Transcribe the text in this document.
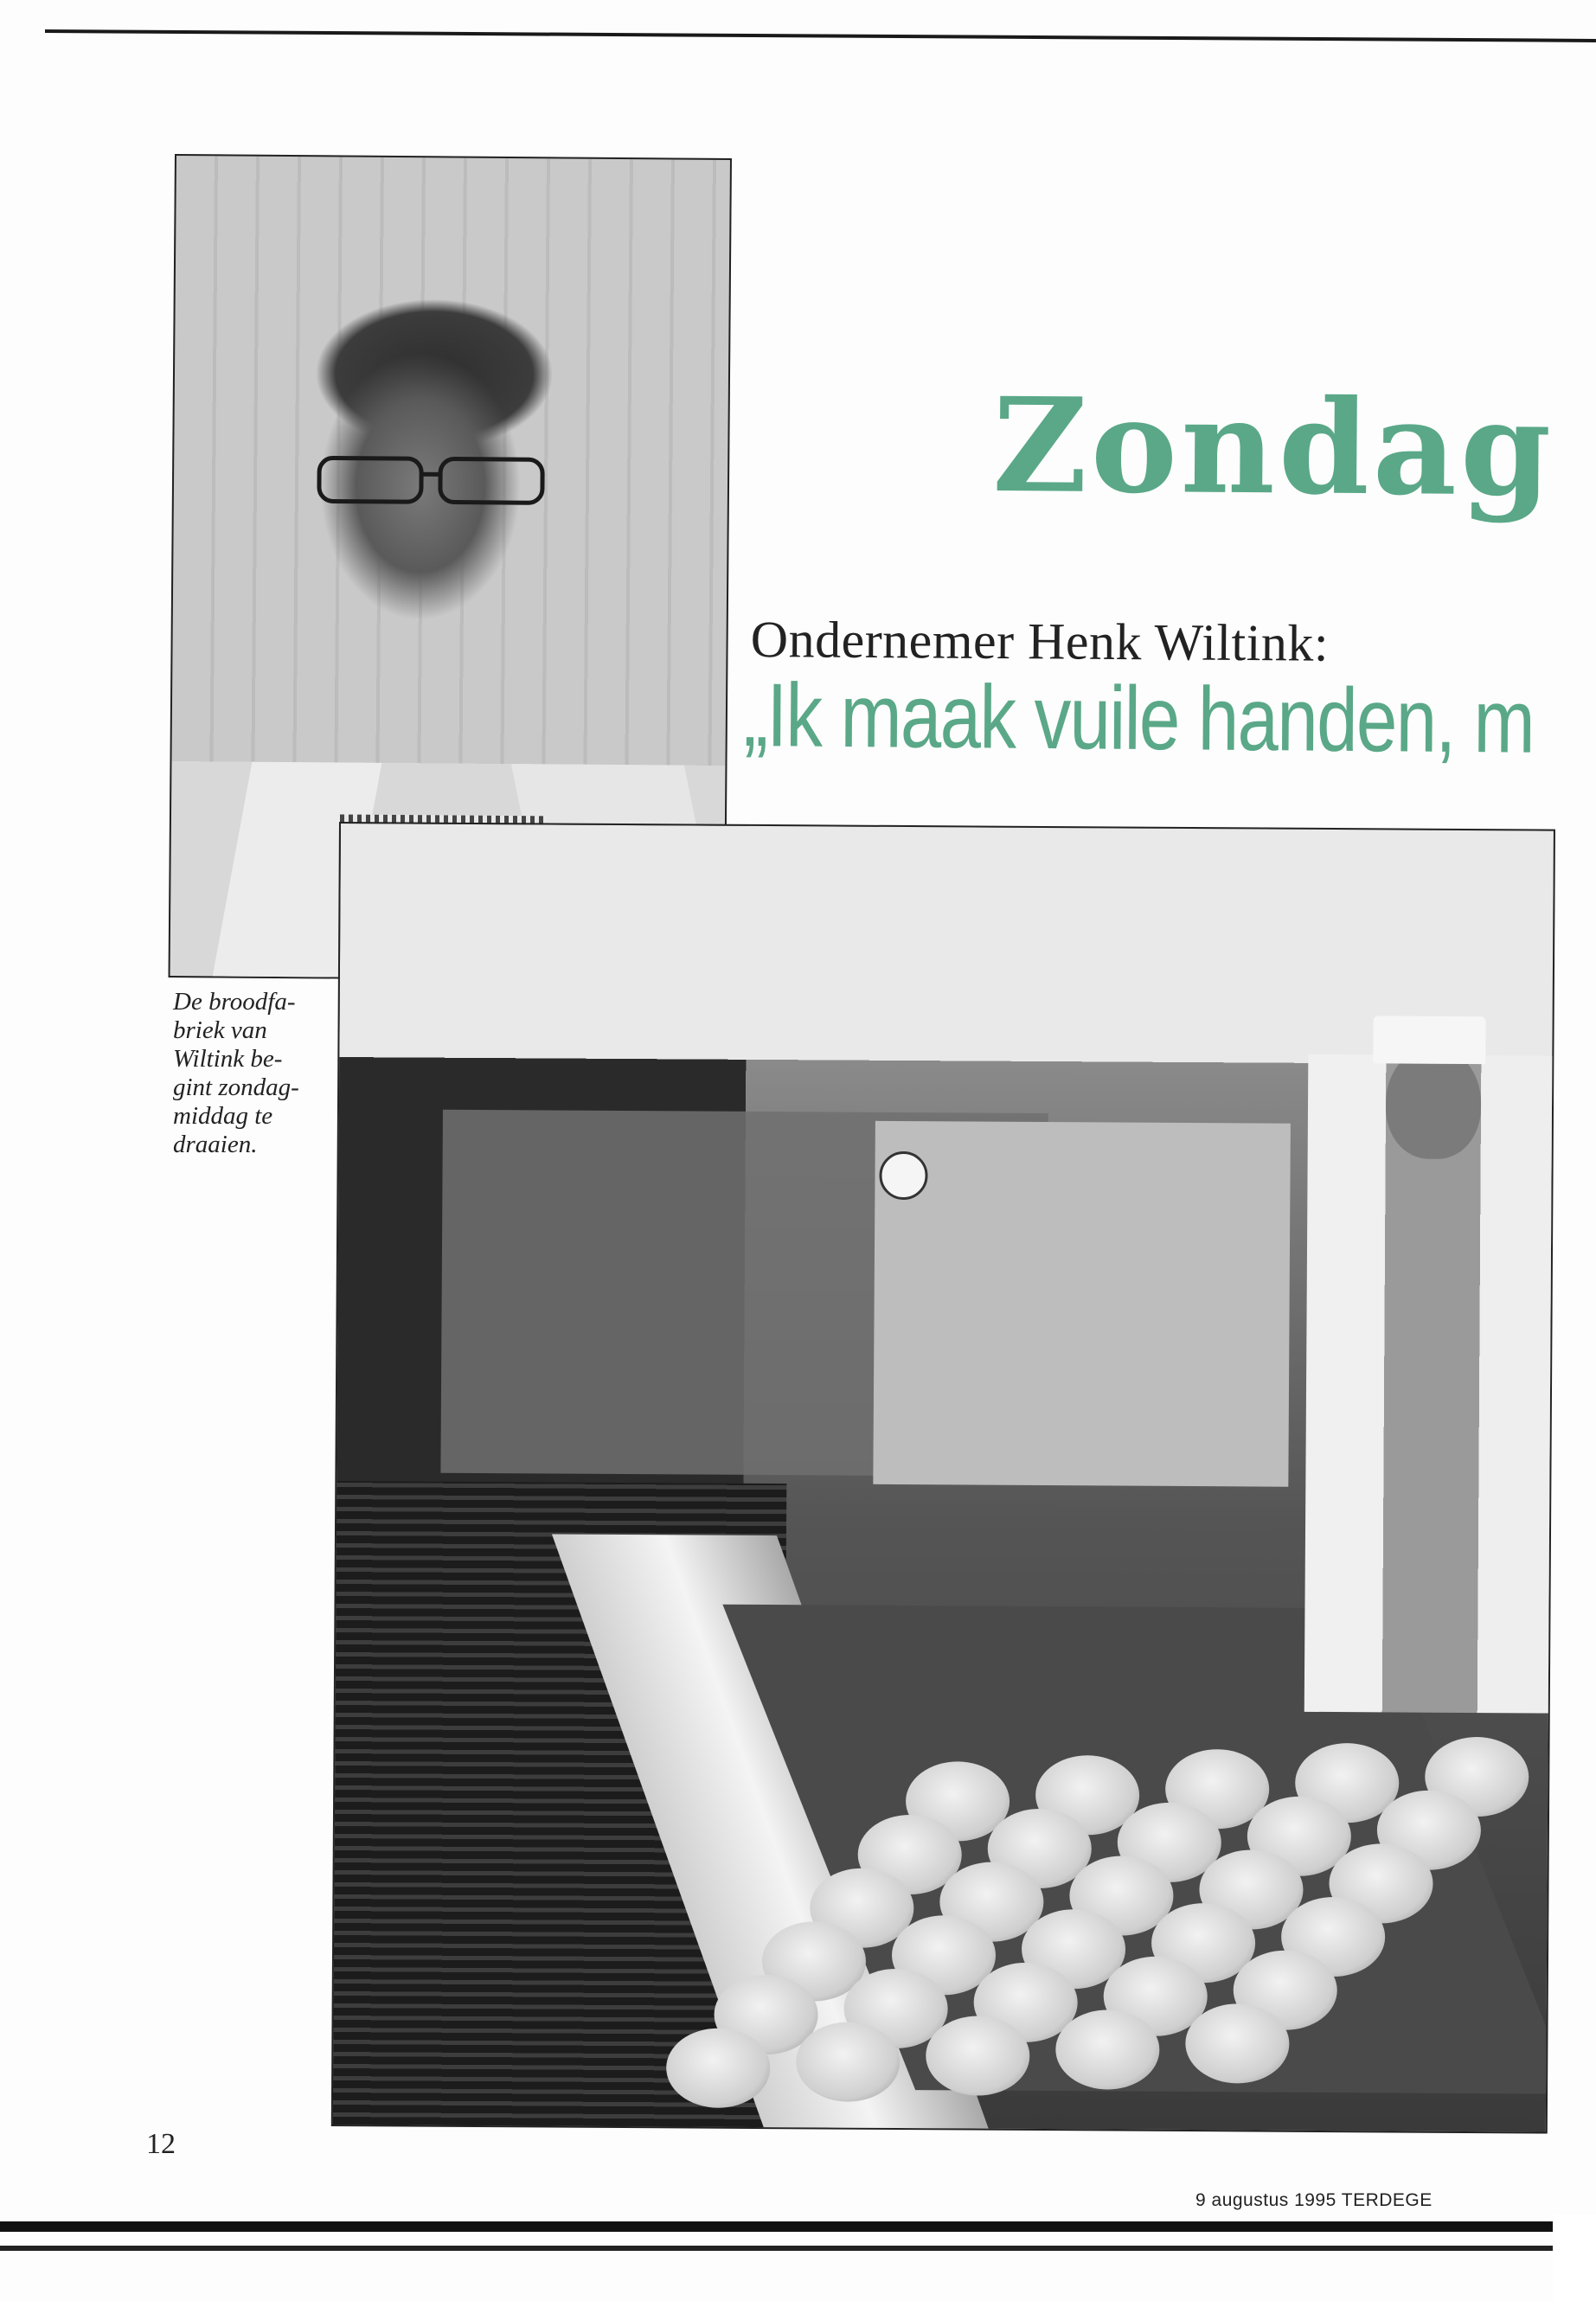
Zondag
Ondernemer Henk Wiltink:
„Ik maak vuile handen, m
De broodfa-
briek van
Wiltink be-
gint zondag-
middag te
draaien.
12
9 augustus 1995 TERDEGE
